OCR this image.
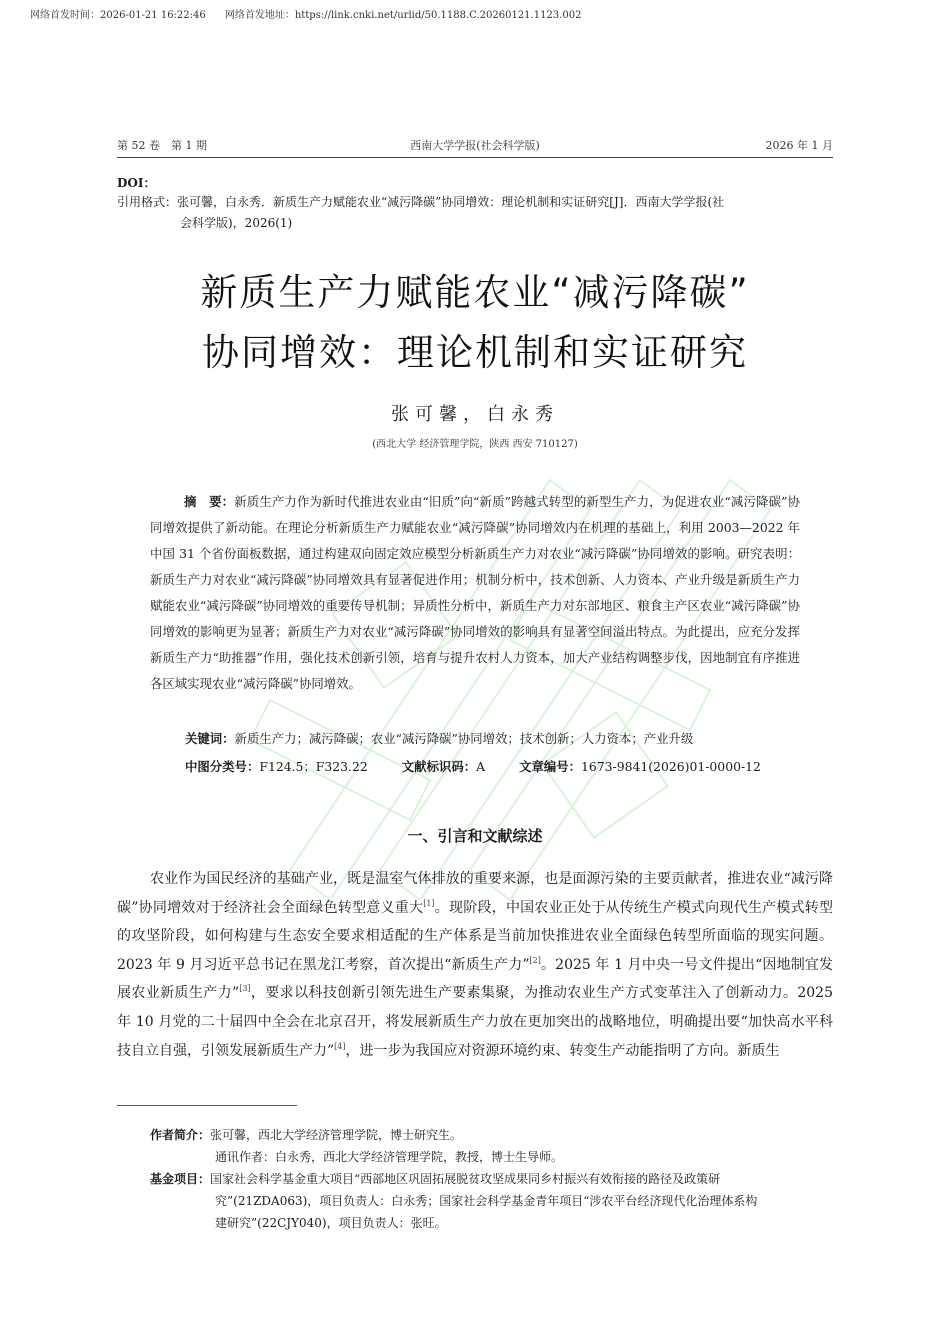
网络首发时间：2026-01-21 16:22:46 网络首发地址：https://link.cnki.net/urlid/50.1188.C.20260121.1123.002
第 52 卷　第 1 期	西南大学学报(社会科学版)	2026 年 1 月
DOI：
引用格式：张可馨，白永秀．新质生产力赋能农业“减污降碳”协同增效：理论机制和实证研究[J]．西南大学学报(社
会科学版)，2026(1)
新质生产力赋能农业“减污降碳”
协同增效：理论机制和实证研究
张可馨，白永秀
(西北大学 经济管理学院，陕西 西安 710127)
摘　要：新质生产力作为新时代推进农业由“旧质”向“新质”跨越式转型的新型生产力，为促进农业“减污降碳”协同增效提供了新动能。在理论分析新质生产力赋能农业“减污降碳”协同增效内在机理的基础上，利用 2003—2022 年中国 31 个省份面板数据，通过构建双向固定效应模型分析新质生产力对农业“减污降碳”协同增效的影响。研究表明：新质生产力对农业“减污降碳”协同增效具有显著促进作用；机制分析中，技术创新、人力资本、产业升级是新质生产力赋能农业“减污降碳”协同增效的重要传导机制；异质性分析中，新质生产力对东部地区、粮食主产区农业“减污降碳”协同增效的影响更为显著；新质生产力对农业“减污降碳”协同增效的影响具有显著空间溢出特点。为此提出，应充分发挥新质生产力“助推器”作用，强化技术创新引领，培育与提升农村人力资本，加大产业结构调整步伐，因地制宜有序推进各区域实现农业“减污降碳”协同增效。
关键词：新质生产力；减污降碳；农业“减污降碳”协同增效；技术创新；人力资本；产业升级
中图分类号：F124.5；F323.22	文献标识码：A	文章编号：1673-9841(2026)01-0000-12
一、引言和文献综述
农业作为国民经济的基础产业，既是温室气体排放的重要来源，也是面源污染的主要贡献者，推进农业“减污降碳”协同增效对于经济社会全面绿色转型意义重大[1]。现阶段，中国农业正处于从传统生产模式向现代生产模式转型的攻坚阶段，如何构建与生态安全要求相适配的生产体系是当前加快推进农业全面绿色转型所面临的现实问题。2023 年 9 月习近平总书记在黑龙江考察，首次提出“新质生产力”[2]。2025 年 1 月中央一号文件提出“因地制宜发展农业新质生产力”[3]，要求以科技创新引领先进生产要素集聚，为推动农业生产方式变革注入了创新动力。2025 年 10 月党的二十届四中全会在北京召开，将发展新质生产力放在更加突出的战略地位，明确提出要“加快高水平科技自立自强，引领发展新质生产力”[4]，进一步为我国应对资源环境约束、转变生产动能指明了方向。新质生
作者简介：张可馨，西北大学经济管理学院，博士研究生。
通讯作者：白永秀，西北大学经济管理学院，教授，博士生导师。
基金项目：国家社会科学基金重大项目“西部地区巩固拓展脱贫攻坚成果同乡村振兴有效衔接的路径及政策研
究”(21ZDA063)，项目负责人：白永秀；国家社会科学基金青年项目“涉农平台经济现代化治理体系构
建研究”(22CJY040)，项目负责人：张旺。
